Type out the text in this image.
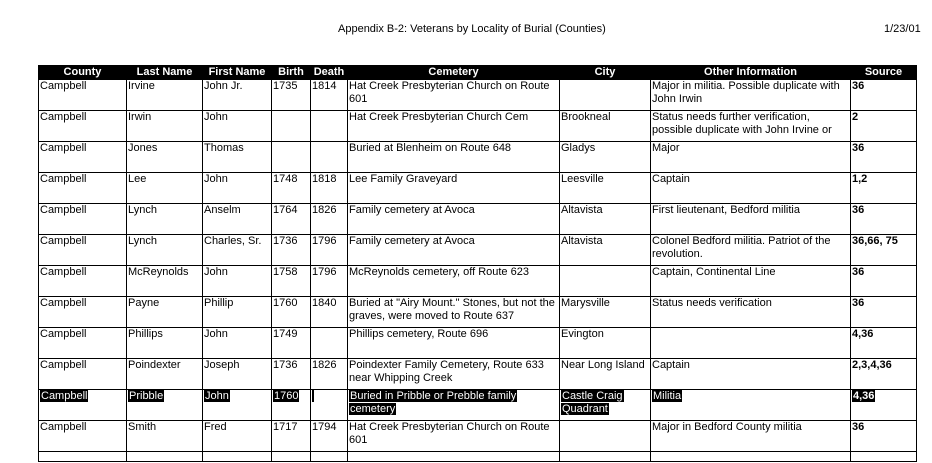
Appendix B-2: Veterans by Locality of Burial (Counties)	1/23/01
County	Last Name	First Name	Birth	Death	Cemetery	City	Other Information	Source
Campbell	Irvine	John Jr.	1735	1814	Hat Creek Presbyterian Church on Route 601		Major in militia. Possible duplicate with John Irwin	36
Campbell	Irwin	John			Hat Creek Presbyterian Church Cem	Brookneal	Status needs further verification, possible duplicate with John Irvine or	2
Campbell	Jones	Thomas			Buried at Blenheim on Route 648	Gladys	Major	36
Campbell	Lee	John	1748	1818	Lee Family Graveyard	Leesville	Captain	1,2
Campbell	Lynch	Anselm	1764	1826	Family cemetery at Avoca	Altavista	First lieutenant, Bedford militia	36
Campbell	Lynch	Charles, Sr.	1736	1796	Family cemetery at Avoca	Altavista	Colonel Bedford militia. Patriot of the revolution.	36,66, 75
Campbell	McReynolds	John	1758	1796	McReynolds cemetery, off Route 623		Captain, Continental Line	36
Campbell	Payne	Phillip	1760	1840	Buried at "Airy Mount." Stones, but not the graves, were moved to Route 637	Marysville	Status needs verification	36
Campbell	Phillips	John	1749		Phillips cemetery, Route 696	Evington		4,36
Campbell	Poindexter	Joseph	1736	1826	Poindexter Family Cemetery, Route 633 near Whipping Creek	Near Long Island	Captain	2,3,4,36
Campbell	Pribble	John	1760		Buried in Pribble or Prebble family cemetery	Castle Craig Quadrant	Militia	4,36
Campbell	Smith	Fred	1717	1794	Hat Creek Presbyterian Church on Route 601		Major in Bedford County militia	36
